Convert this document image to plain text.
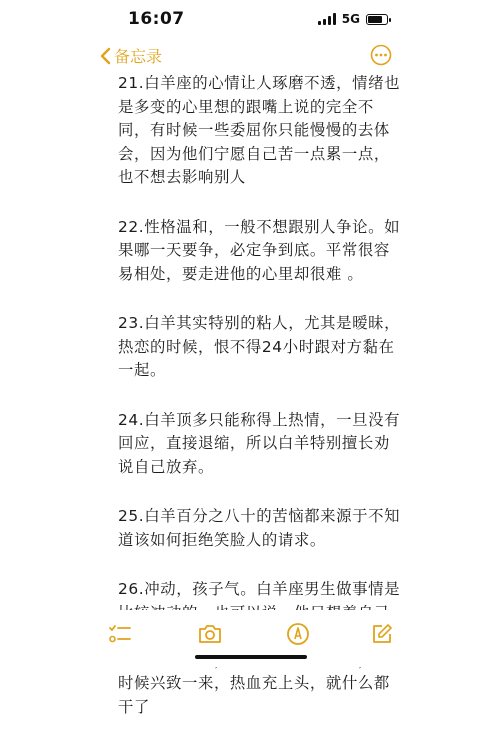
16:07	5G
备忘录

21.白羊座的心情让人琢磨不透，情绪也是多变的心里想的跟嘴上说的完全不同，有时候一些委屈你只能慢慢的去体会，因为他们宁愿自己苦一点累一点，也不想去影响别人

22.性格温和，一般不想跟别人争论。如果哪一天要争，必定争到底。平常很容易相处，要走进他的心里却很难 。

23.白羊其实特别的粘人，尤其是暧昧，热恋的时候，恨不得24小时跟对方黏在一起。

24.白羊顶多只能称得上热情，一旦没有回应，直接退缩，所以白羊特别擅长劝说自己放弃。

25.白羊百分之八十的苦恼都来源于不知道该如何拒绝笑脸人的请求。

26.冲动，孩子气。白羊座男生做事情是 时候兴致一来，热血充上头，就什么都干了
